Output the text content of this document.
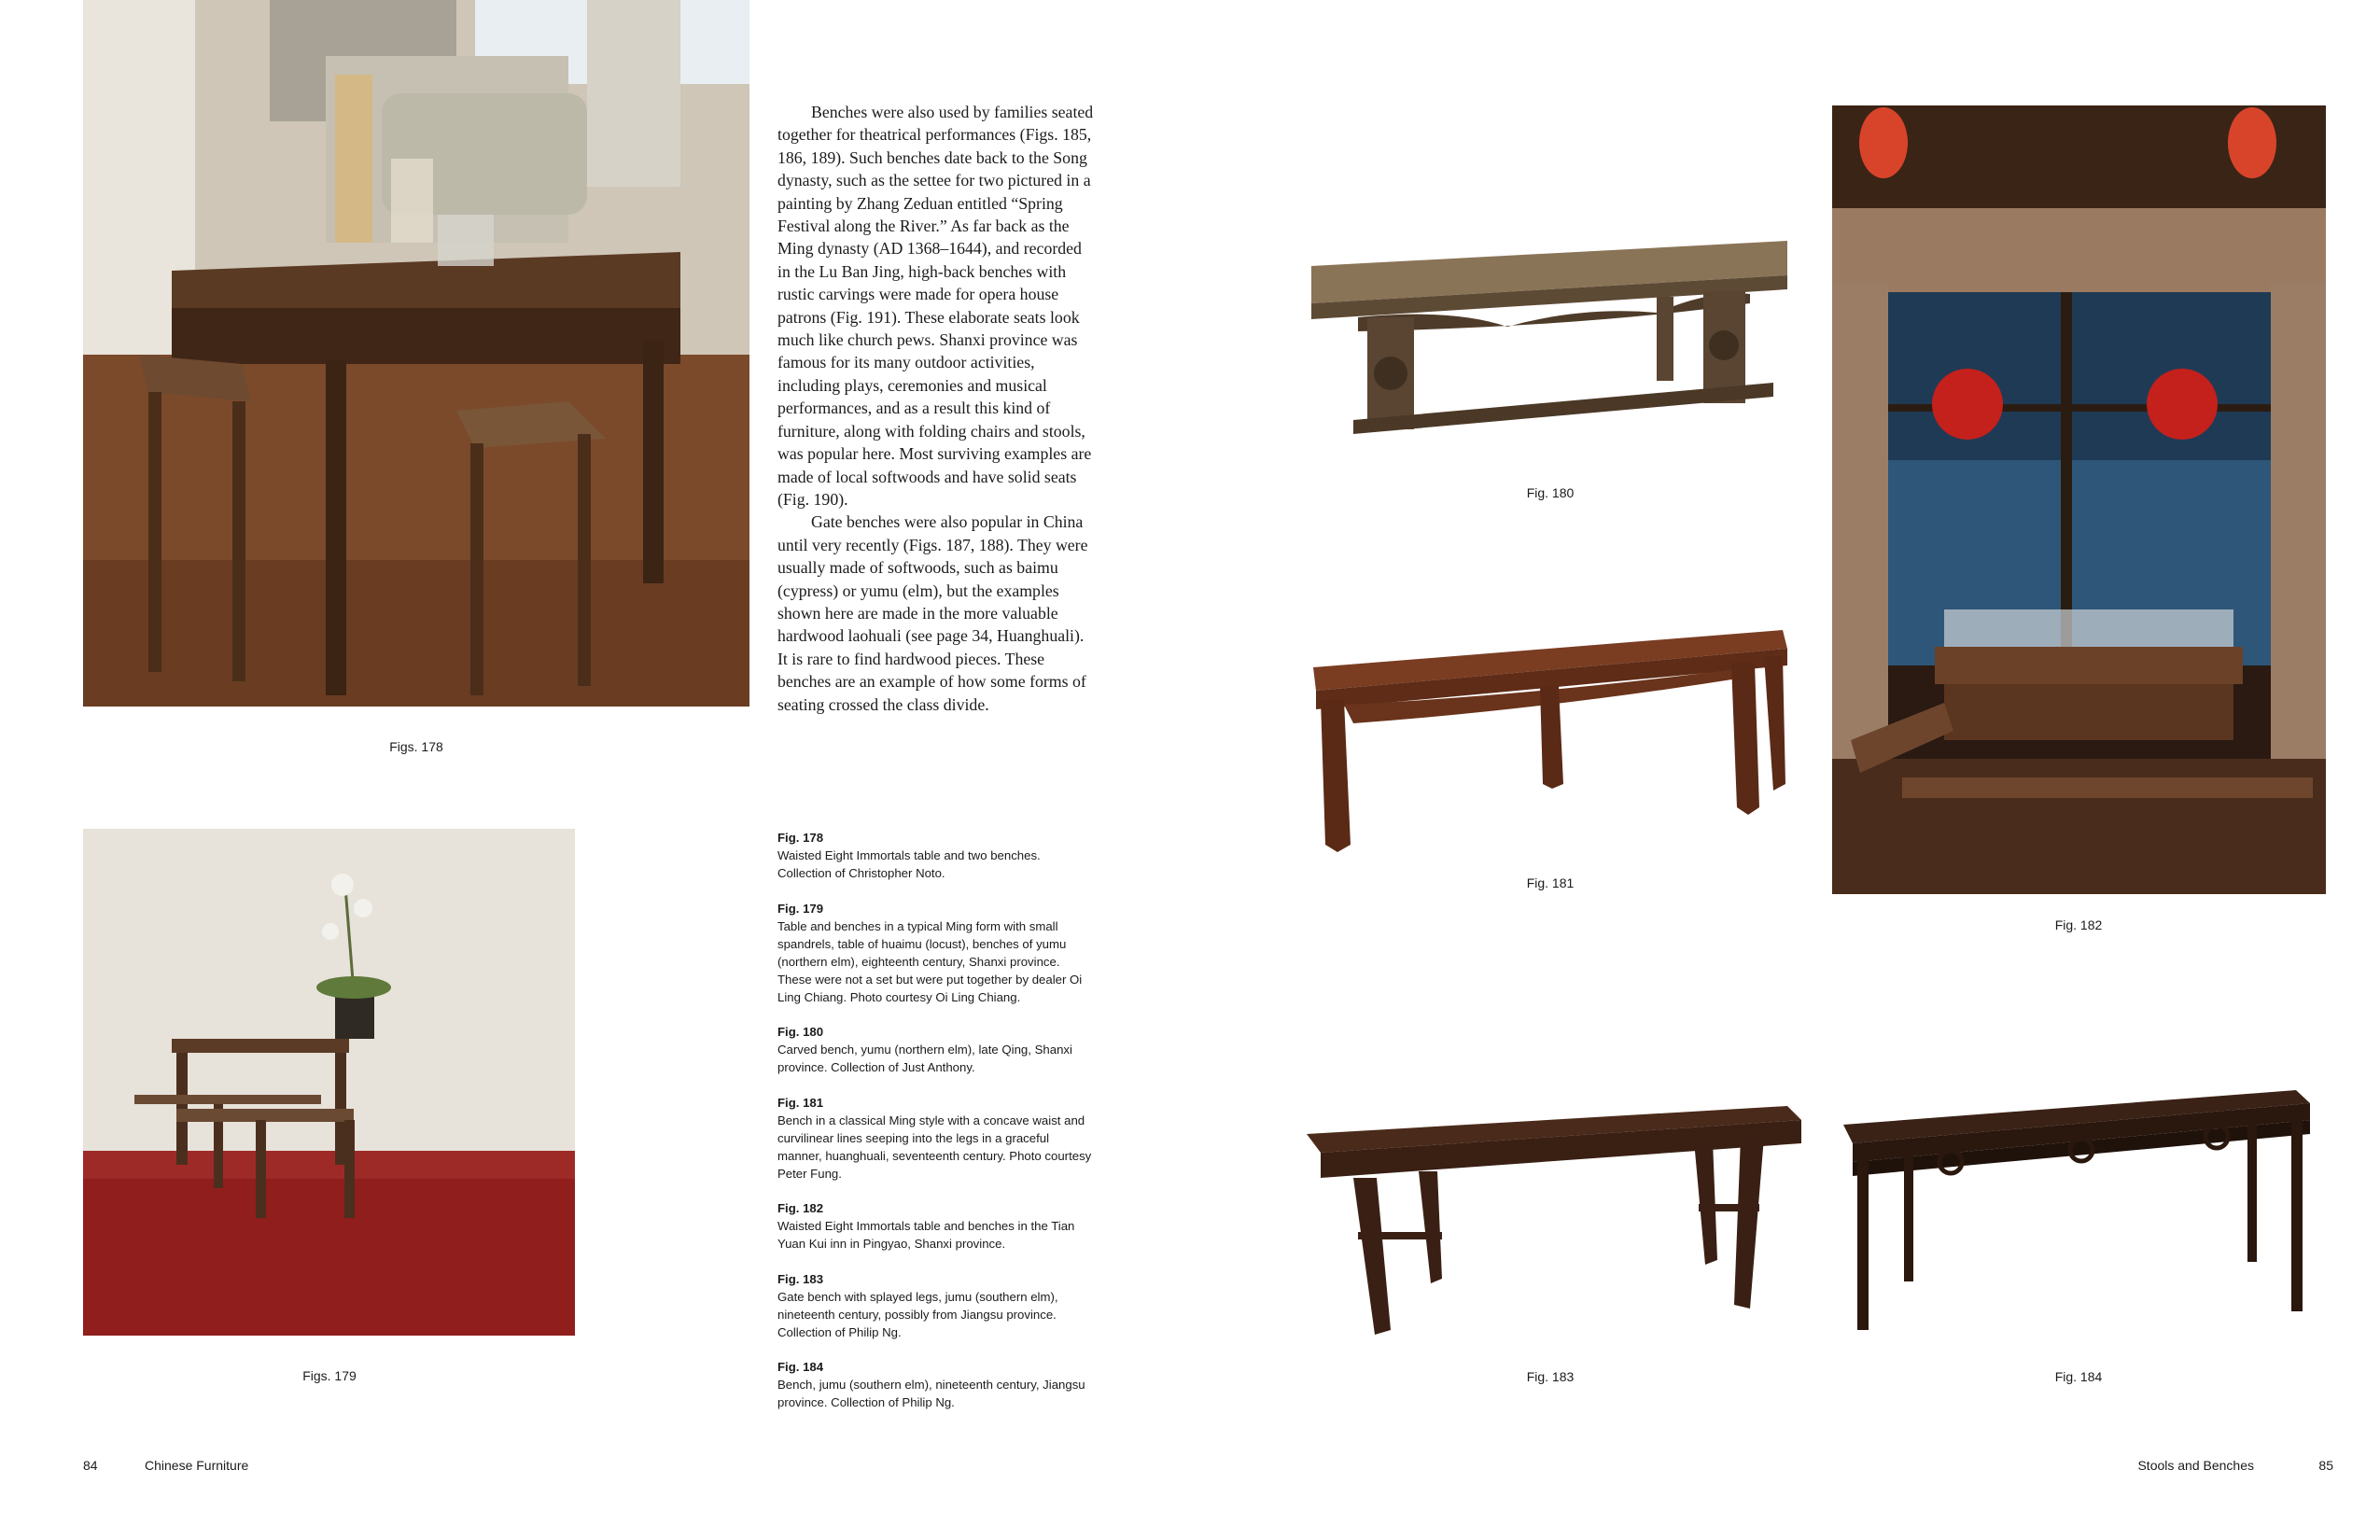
Figs. 178
Figs. 179

Benches were also used by families seated together for theatrical performances (Figs. 185, 186, 189). Such benches date back to the Song dynasty, such as the settee for two pictured in a painting by Zhang Zeduan entitled “Spring Festival along the River.” As far back as the Ming dynasty (AD 1368–1644), and recorded in the Lu Ban Jing, high-back benches with rustic carvings were made for opera house patrons (Fig. 191). These elaborate seats look much like church pews. Shanxi province was famous for its many outdoor activities, including plays, ceremonies and musical performances, and as a result this kind of furniture, along with folding chairs and stools, was popular here. Most surviving examples are made of local softwoods and have solid seats (Fig. 190).

Gate benches were also popular in China until very recently (Figs. 187, 188). They were usually made of softwoods, such as baimu (cypress) or yumu (elm), but the examples shown here are made in the more valuable hardwood laohuali (see page 34, Huanghuali). It is rare to find hardwood pieces. These benches are an example of how some forms of seating crossed the class divide.

Fig. 178
Waisted Eight Immortals table and two benches. Collection of Christopher Noto.
Fig. 179
Table and benches in a typical Ming form with small spandrels, table of huaimu (locust), benches of yumu (northern elm), eighteenth century, Shanxi province. These were not a set but were put together by dealer Oi Ling Chiang. Photo courtesy Oi Ling Chiang.
Fig. 180
Carved bench, yumu (northern elm), late Qing, Shanxi province. Collection of Just Anthony.
Fig. 181
Bench in a classical Ming style with a concave waist and curvilinear lines seeping into the legs in a graceful manner, huanghuali, seventeenth century. Photo courtesy Peter Fung.
Fig. 182
Waisted Eight Immortals table and benches in the Tian Yuan Kui inn in Pingyao, Shanxi province.
Fig. 183
Gate bench with splayed legs, jumu (southern elm), nineteenth century, possibly from Jiangsu province. Collection of Philip Ng.
Fig. 184
Bench, jumu (southern elm), nineteenth century, Jiangsu province. Collection of Philip Ng.
Fig. 180
Fig. 181
Fig. 182
Fig. 183	Fig. 184
84	Chinese Furniture	Stools and Benches	85
